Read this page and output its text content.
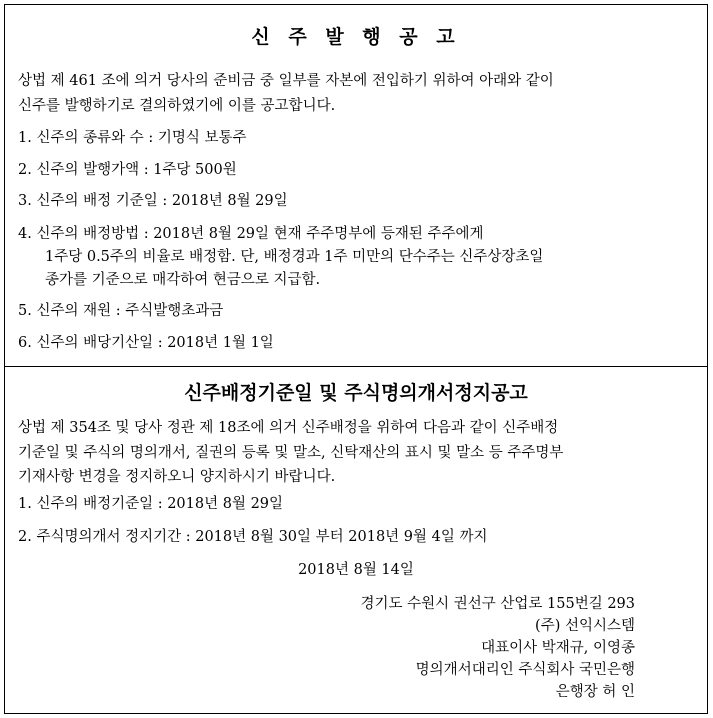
신 주 발 행 공 고
상법 제 461 조에 의거 당사의 준비금 중 일부를 자본에 전입하기 위하여 아래와 같이
신주를 발행하기로 결의하였기에 이를 공고합니다.
1. 신주의 종류와 수 : 기명식 보통주
2. 신주의 발행가액 : 1주당 500원
3. 신주의 배정 기준일 : 2018년 8월 29일
4. 신주의 배정방법 : 2018년 8월 29일 현재 주주명부에 등재된 주주에게
1주당 0.5주의 비율로 배정함. 단, 배정경과 1주 미만의 단수주는 신주상장초일
종가를 기준으로 매각하여 현금으로 지급함.
5. 신주의 재원 : 주식발행초과금
6. 신주의 배당기산일 : 2018년 1월 1일
신주배정기준일 및 주식명의개서정지공고
상법 제 354조 및 당사 정관 제 18조에 의거 신주배정을 위하여 다음과 같이 신주배정
기준일 및 주식의 명의개서, 질권의 등록 및 말소, 신탁재산의 표시 및 말소 등 주주명부
기재사항 변경을 정지하오니 양지하시기 바랍니다.
1. 신주의 배정기준일 : 2018년 8월 29일
2. 주식명의개서 정지기간 : 2018년 8월 30일 부터 2018년 9월 4일 까지
2018년 8월 14일
경기도 수원시 권선구 산업로 155번길 293
(주) 선익시스템
대표이사 박재규, 이영종
명의개서대리인 주식회사 국민은행
은행장 허 인
